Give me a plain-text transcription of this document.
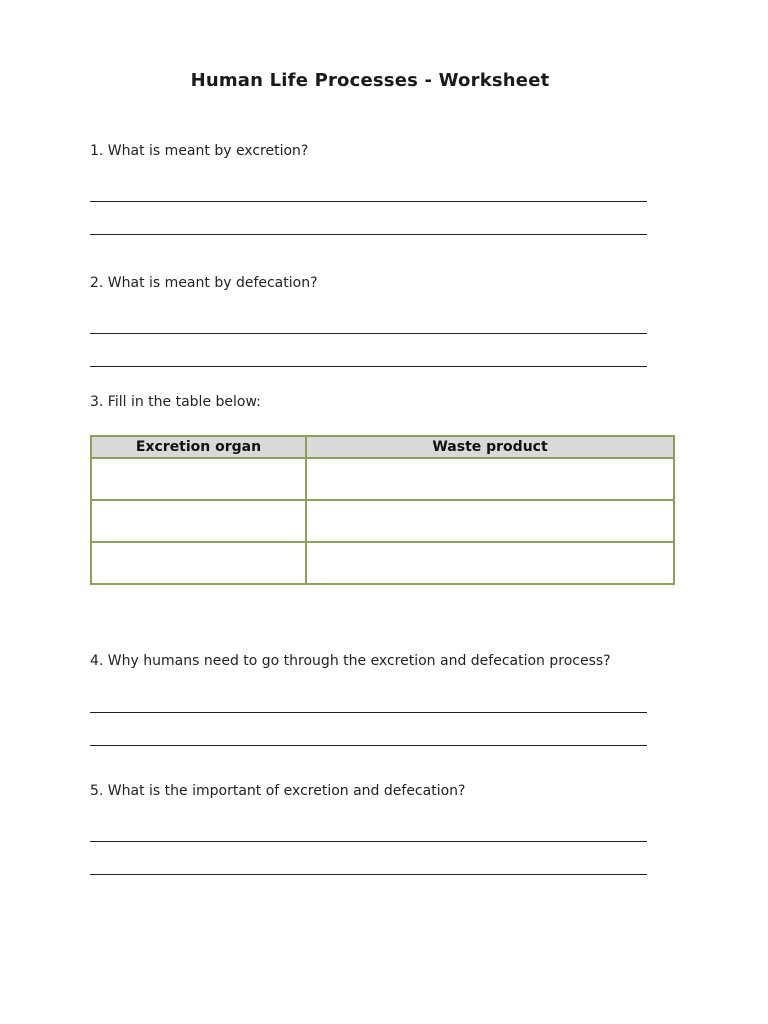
Human Life Processes - Worksheet
1. What is meant by excretion?
2. What is meant by defecation?
3. Fill in the table below:
Excretion organ	Waste product

4. Why humans need to go through the excretion and defecation process?
5. What is the important of excretion and defecation?
